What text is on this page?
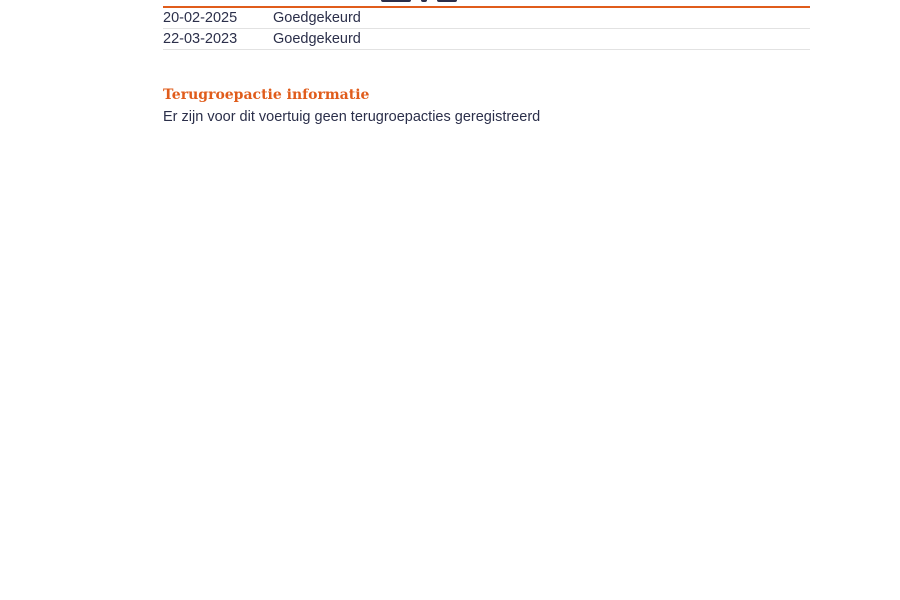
20-02-2025	Goedgekeurd
22-03-2023	Goedgekeurd
Terugroepactie informatie
Er zijn voor dit voertuig geen terugroepacties geregistreerd
